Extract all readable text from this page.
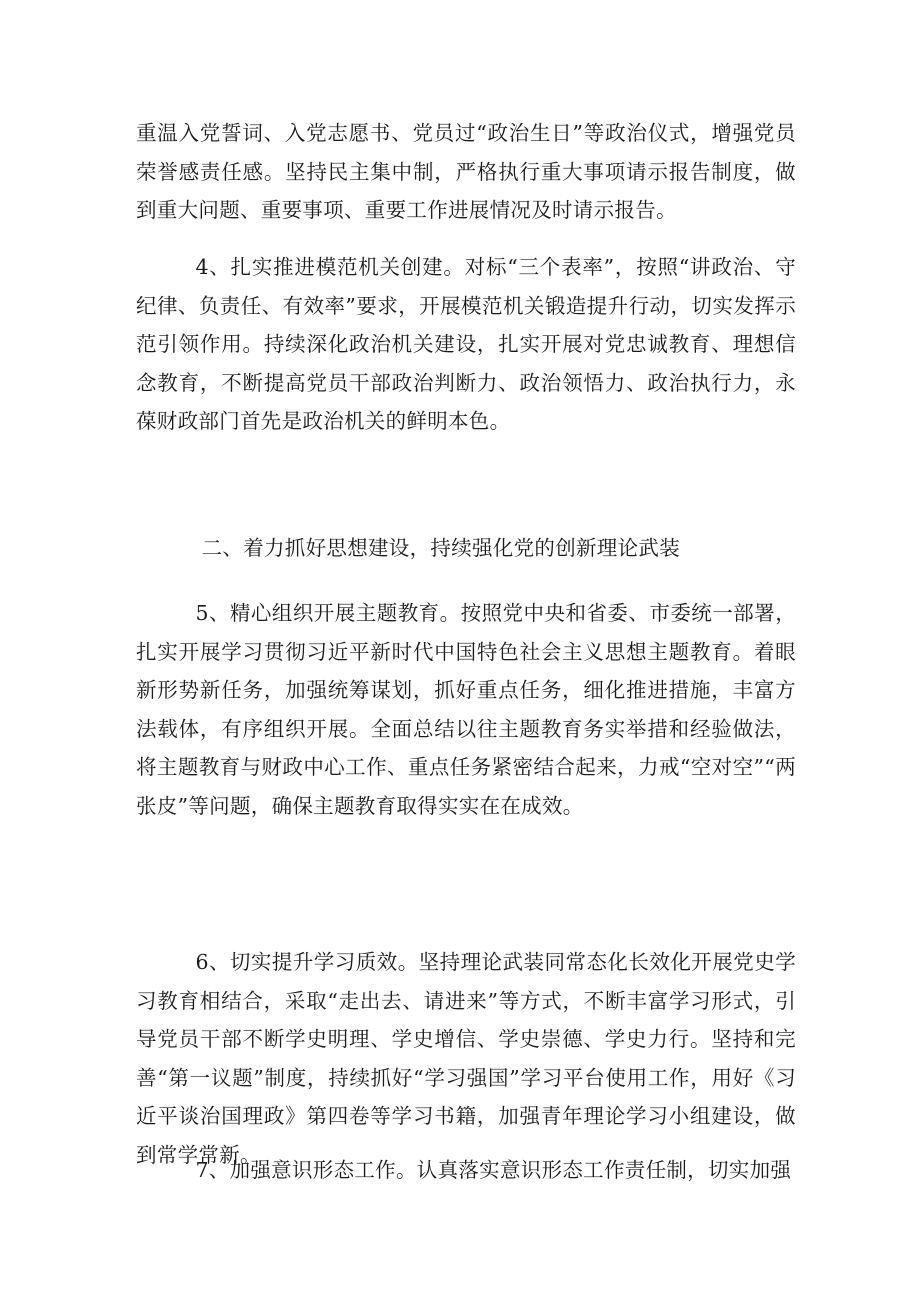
重温入党誓词、入党志愿书、党员过“政治生日”等政治仪式，增强党员荣誉感责任感。坚持民主集中制，严格执行重大事项请示报告制度，做到重大问题、重要事项、重要工作进展情况及时请示报告。

4、扎实推进模范机关创建。对标“三个表率”，按照“讲政治、守纪律、负责任、有效率”要求，开展模范机关锻造提升行动，切实发挥示范引领作用。持续深化政治机关建设，扎实开展对党忠诚教育、理想信念教育，不断提高党员干部政治判断力、政治领悟力、政治执行力，永葆财政部门首先是政治机关的鲜明本色。

二、着力抓好思想建设，持续强化党的创新理论武装

5、精心组织开展主题教育。按照党中央和省委、市委统一部署，扎实开展学习贯彻习近平新时代中国特色社会主义思想主题教育。着眼新形势新任务，加强统筹谋划，抓好重点任务，细化推进措施，丰富方法载体，有序组织开展。全面总结以往主题教育务实举措和经验做法，将主题教育与财政中心工作、重点任务紧密结合起来，力戒“空对空”“两张皮”等问题，确保主题教育取得实实在在成效。

6、切实提升学习质效。坚持理论武装同常态化长效化开展党史学习教育相结合，采取“走出去、请进来”等方式，不断丰富学习形式，引导党员干部不断学史明理、学史增信、学史崇德、学史力行。坚持和完善“第一议题”制度，持续抓好“学习强国”学习平台使用工作，用好《习近平谈治国理政》第四卷等学习书籍，加强青年理论学习小组建设，做到常学常新。

7、加强意识形态工作。认真落实意识形态工作责任制，切实加强
